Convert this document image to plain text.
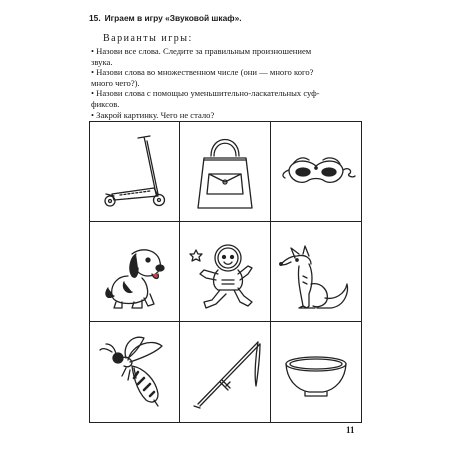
15. Играем в игру «Звуковой шкаф».
Варианты игры:
• Назови все слова. Следите за правильным произношением
звука.
• Назови слова во множественном числе (они — много кого?
много чего?).
• Назови слова с помощью уменьшительно-ласкательных суф-
фиксов.
• Закрой картинку. Чего не стало?
11
